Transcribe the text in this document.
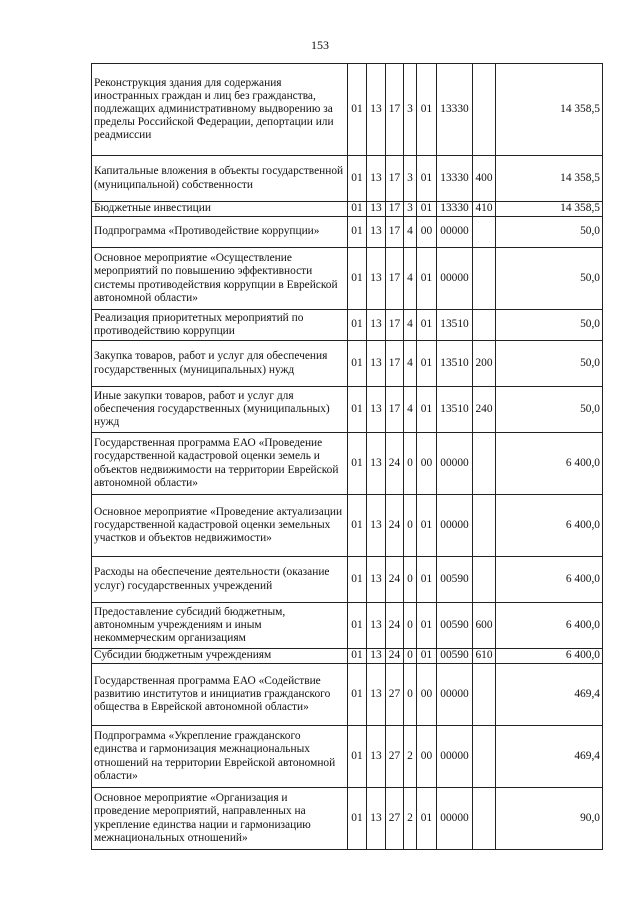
153
Реконструкция здания для содержания иностранных граждан и лиц без гражданства, подлежащих административному выдворению за пределы Российской Федерации, депортации или реадмиссии	01	13	17	3	01	13330		14 358,5
Капитальные вложения в объекты государственной (муниципальной) собственности	01	13	17	3	01	13330	400	14 358,5
Бюджетные инвестиции	01	13	17	3	01	13330	410	14 358,5
Подпрограмма «Противодействие коррупции»	01	13	17	4	00	00000		50,0
Основное мероприятие «Осуществление мероприятий по повышению эффективности системы противодействия коррупции в Еврейской автономной области»	01	13	17	4	01	00000		50,0
Реализация приоритетных мероприятий по противодействию коррупции	01	13	17	4	01	13510		50,0
Закупка товаров, работ и услуг для обеспечения государственных (муниципальных) нужд	01	13	17	4	01	13510	200	50,0
Иные закупки товаров, работ и услуг для обеспечения государственных (муниципальных) нужд	01	13	17	4	01	13510	240	50,0
Государственная программа ЕАО «Проведение государственной кадастровой оценки земель и объектов недвижимости на территории Еврейской автономной области»	01	13	24	0	00	00000		6 400,0
Основное мероприятие «Проведение актуализации государственной кадастровой оценки земельных участков и объектов недвижимости»	01	13	24	0	01	00000		6 400,0
Расходы на обеспечение деятельности (оказание услуг) государственных учреждений	01	13	24	0	01	00590		6 400,0
Предоставление субсидий бюджетным, автономным учреждениям и иным некоммерческим организациям	01	13	24	0	01	00590	600	6 400,0
Субсидии бюджетным учреждениям	01	13	24	0	01	00590	610	6 400,0
Государственная программа ЕАО «Содействие развитию институтов и инициатив гражданского общества в Еврейской автономной области»	01	13	27	0	00	00000		469,4
Подпрограмма «Укрепление гражданского единства и гармонизация межнациональных отношений на территории Еврейской автономной области»	01	13	27	2	00	00000		469,4
Основное мероприятие «Организация и проведение мероприятий, направленных на укрепление единства нации и гармонизацию межнациональных отношений»	01	13	27	2	01	00000		90,0
